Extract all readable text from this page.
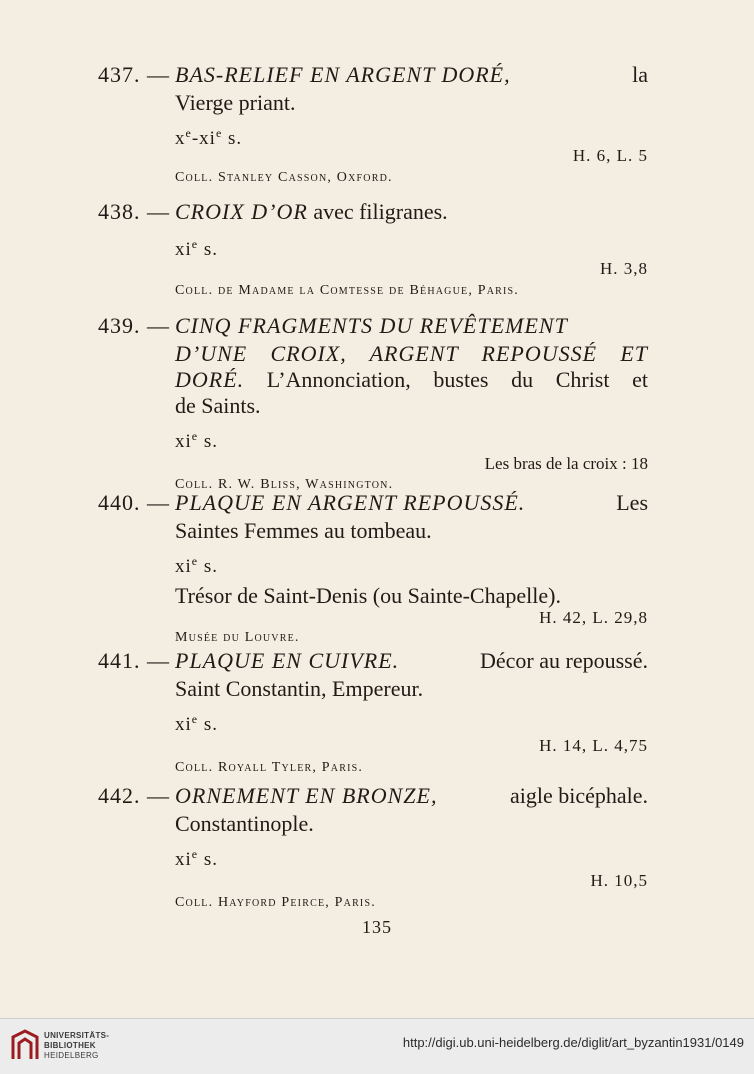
437. — BAS-RELIEF EN ARGENT DORÉ,	la
Vierge priant.
$x^e-xi^e$ s.
H. 6, L. 5
Coll. Stanley Casson, Oxford.
438. — CROIX D’OR avec filigranes.
$xi^e$ s.
H. 3,8
Coll. de Madame la Comtesse de Béhague, Paris.
439. — CINQ FRAGMENTS DU REVÊTEMENT
D’UNE CROIX, ARGENT REPOUSSÉ ET
DORÉ. L’Annonciation, bustes du Christ et
de Saints.
$xi^e$ s.
Les bras de la croix : 18
Coll. R. W. Bliss, Washington.
440. — PLAQUE EN ARGENT REPOUSSÉ.	Les
Saintes Femmes au tombeau.
$xi^e$ s.
Trésor de Saint-Denis (ou Sainte-Chapelle).
H. 42, L. 29,8
Musée du Louvre.
441. — PLAQUE EN CUIVRE.	Décor au repoussé.
Saint Constantin, Empereur.
$xi^e$ s.
H. 14, L. 4,75
Coll. Royall Tyler, Paris.
442. — ORNEMENT EN BRONZE,	aigle bicéphale.
Constantinople.
$xi^e$ s.
H. 10,5
Coll. Hayford Peirce, Paris.
135
UNIVERSITÄTS-
BIBLIOTHEK
HEIDELBERG
http://digi.ub.uni-heidelberg.de/diglit/art_byzantin1931/0149
